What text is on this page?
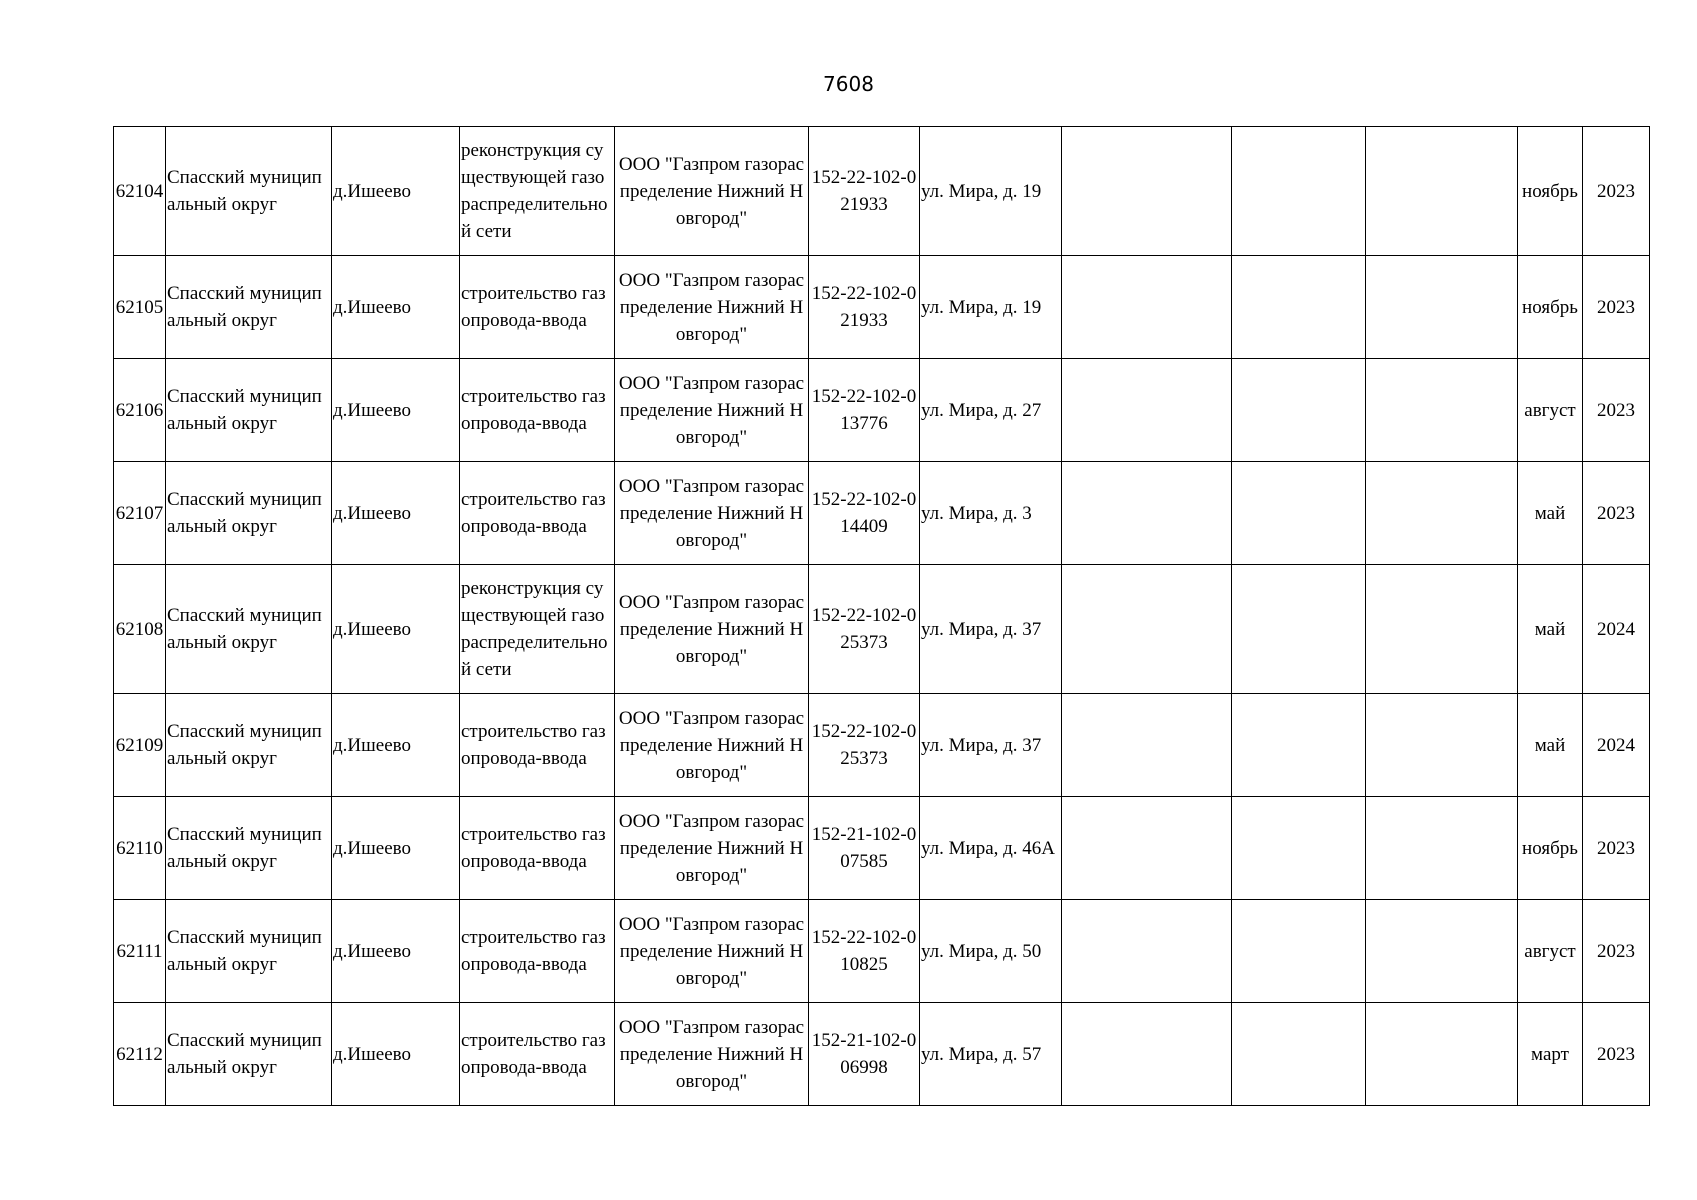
7608
62104	Спасский муниципальный округ	д.Ишеево	реконструкция существующей газораспределительной сети	ООО "Газпром газораспределение Нижний Новгород"	152-22-102-021933	ул. Мира, д. 19				ноябрь	2023
62105	Спасский муниципальный округ	д.Ишеево	строительство газопровода-ввода	ООО "Газпром газораспределение Нижний Новгород"	152-22-102-021933	ул. Мира, д. 19				ноябрь	2023
62106	Спасский муниципальный округ	д.Ишеево	строительство газопровода-ввода	ООО "Газпром газораспределение Нижний Новгород"	152-22-102-013776	ул. Мира, д. 27				август	2023
62107	Спасский муниципальный округ	д.Ишеево	строительство газопровода-ввода	ООО "Газпром газораспределение Нижний Новгород"	152-22-102-014409	ул. Мира, д. 3				май	2023
62108	Спасский муниципальный округ	д.Ишеево	реконструкция существующей газораспределительной сети	ООО "Газпром газораспределение Нижний Новгород"	152-22-102-025373	ул. Мира, д. 37				май	2024
62109	Спасский муниципальный округ	д.Ишеево	строительство газопровода-ввода	ООО "Газпром газораспределение Нижний Новгород"	152-22-102-025373	ул. Мира, д. 37				май	2024
62110	Спасский муниципальный округ	д.Ишеево	строительство газопровода-ввода	ООО "Газпром газораспределение Нижний Новгород"	152-21-102-007585	ул. Мира, д. 46А				ноябрь	2023
62111	Спасский муниципальный округ	д.Ишеево	строительство газопровода-ввода	ООО "Газпром газораспределение Нижний Новгород"	152-22-102-010825	ул. Мира, д. 50				август	2023
62112	Спасский муниципальный округ	д.Ишеево	строительство газопровода-ввода	ООО "Газпром газораспределение Нижний Новгород"	152-21-102-006998	ул. Мира, д. 57				март	2023
